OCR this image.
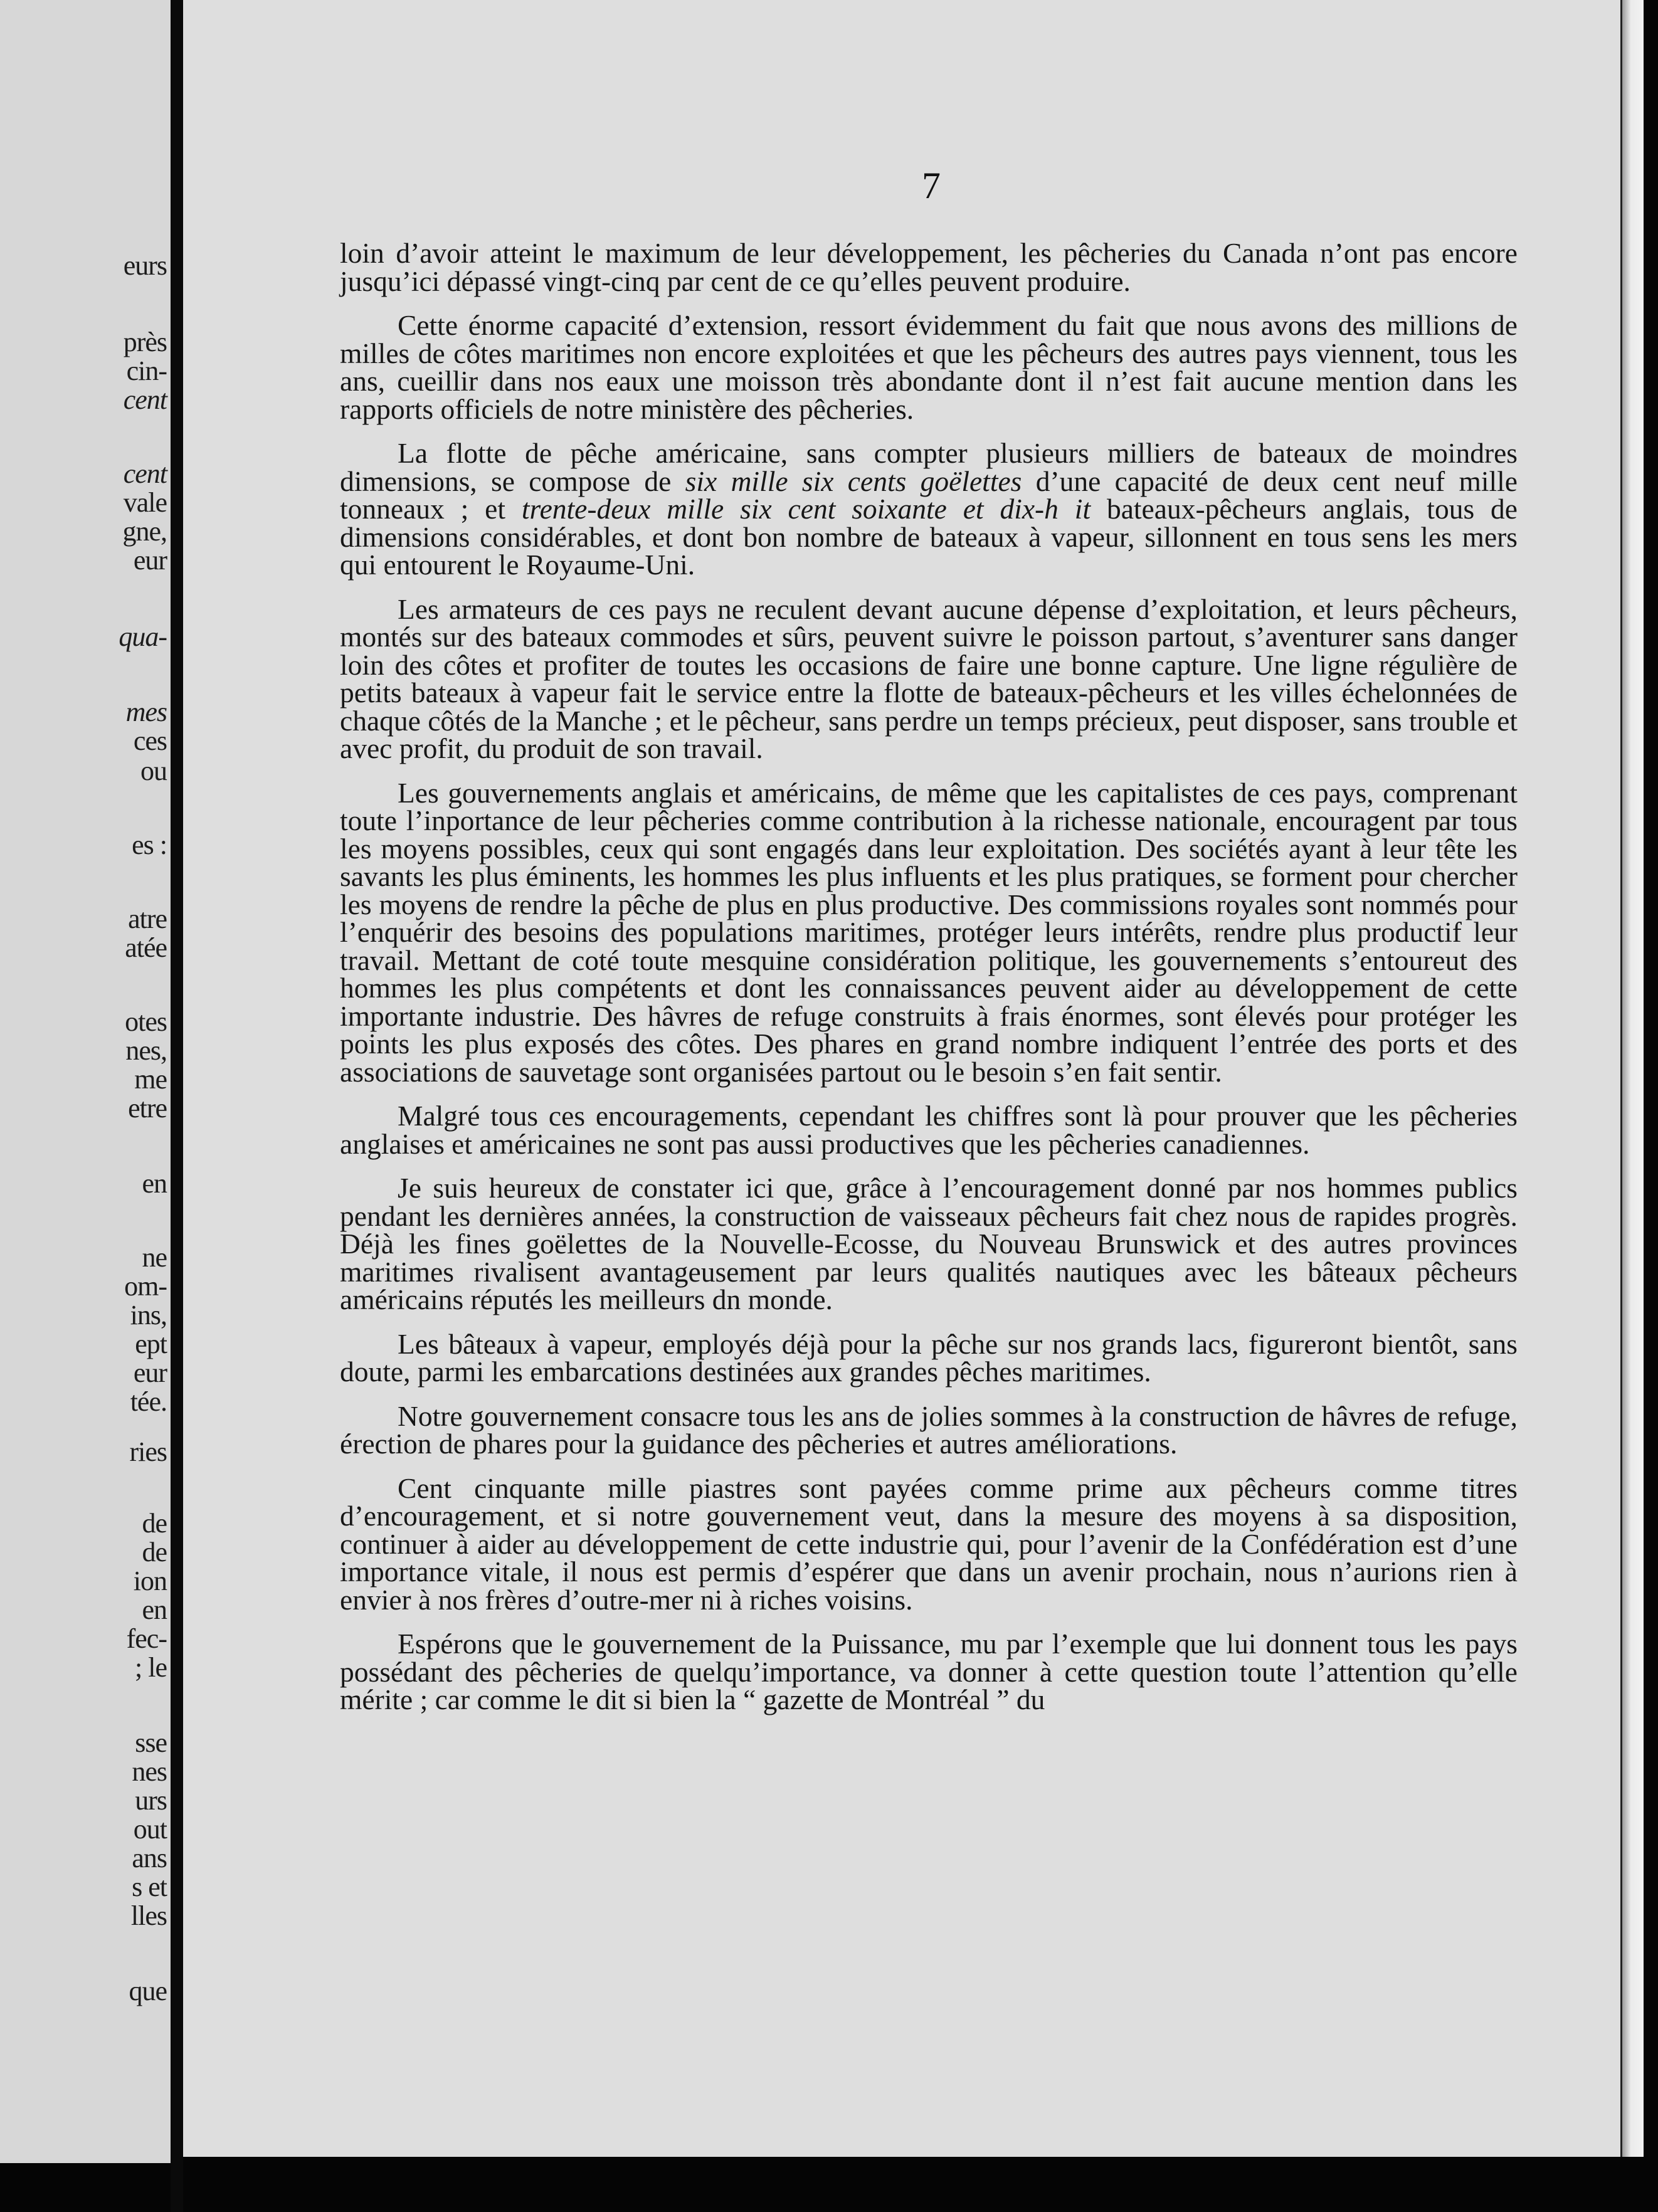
eurs
près
cin-
cent
cent
vale
gne,
eur
qua-
mes
ces
ou
es :
atre
atée
otes
nes,
me
etre
en
ne
om-
ins,
ept
eur
tée.
ries
de
de
ion
en
fec-
; le
sse
nes
urs
out
ans
s et
lles
que
7

loin d’avoir atteint le maximum de leur développement, les pêcheries du Canada n’ont pas encore jusqu’ici dépassé vingt-cinq par cent de ce qu’elles peuvent produire.

Cette énorme capacité d’extension, ressort évidemment du fait que nous avons des millions de milles de côtes maritimes non encore exploitées et que les pêcheurs des autres pays viennent, tous les ans, cueillir dans nos eaux une moisson très abondante dont il n’est fait aucune mention dans les rapports officiels de notre ministère des pêcheries.

La flotte de pêche américaine, sans compter plusieurs milliers de bateaux de moindres dimensions, se compose de six mille six cents goëlettes d’une capacité de deux cent neuf mille tonneaux ; et trente-deux mille six cent soixante et dix-h it bateaux-pêcheurs anglais, tous de dimensions considérables, et dont bon nombre de bateaux à vapeur, sillonnent en tous sens les mers qui entourent le Royaume-Uni.

Les armateurs de ces pays ne reculent devant aucune dépense d’exploitation, et leurs pêcheurs, montés sur des bateaux commodes et sûrs, peuvent suivre le poisson partout, s’aventurer sans danger loin des côtes et profiter de toutes les occasions de faire une bonne capture. Une ligne régulière de petits bateaux à vapeur fait le service entre la flotte de bateaux-pêcheurs et les villes échelonnées de chaque côtés de la Manche ; et le pêcheur, sans perdre un temps précieux, peut disposer, sans trouble et avec profit, du produit de son travail.

Les gouvernements anglais et américains, de même que les capitalistes de ces pays, comprenant toute l’inportance de leur pêcheries comme contribution à la richesse nationale, encouragent par tous les moyens possibles, ceux qui sont engagés dans leur exploitation. Des sociétés ayant à leur tête les savants les plus éminents, les hommes les plus influents et les plus pratiques, se forment pour chercher les moyens de rendre la pêche de plus en plus productive. Des commissions royales sont nommés pour l’enquérir des besoins des populations maritimes, protéger leurs intérêts, rendre plus productif leur travail. Mettant de coté toute mesquine considération politique, les gouvernements s’entoureut des hommes les plus compétents et dont les connaissances peuvent aider au développement de cette importante industrie. Des hâvres de refuge construits à frais énormes, sont élevés pour protéger les points les plus exposés des côtes. Des phares en grand nombre indiquent l’entrée des ports et des associations de sauvetage sont organisées partout ou le besoin s’en fait sentir.

Malgré tous ces encouragements, cependant les chiffres sont là pour prouver que les pêcheries anglaises et américaines ne sont pas aussi productives que les pêcheries canadiennes.

Je suis heureux de constater ici que, grâce à l’encouragement donné par nos hommes publics pendant les dernières années, la construction de vaisseaux pêcheurs fait chez nous de rapides progrès. Déjà les fines goëlettes de la Nouvelle-Ecosse, du Nouveau Brunswick et des autres provinces maritimes rivalisent avantageusement par leurs qualités nautiques avec les bâteaux pêcheurs américains réputés les meilleurs dn monde.

Les bâteaux à vapeur, employés déjà pour la pêche sur nos grands lacs, figureront bientôt, sans doute, parmi les embarcations destinées aux grandes pêches maritimes.

Notre gouvernement consacre tous les ans de jolies sommes à la construction de hâvres de refuge, érection de phares pour la guidance des pêcheries et autres améliorations.

Cent cinquante mille piastres sont payées comme prime aux pêcheurs comme titres d’encouragement, et si notre gouvernement veut, dans la mesure des moyens à sa disposition, continuer à aider au développement de cette industrie qui, pour l’avenir de la Confédération est d’une importance vitale, il nous est permis d’espérer que dans un avenir prochain, nous n’aurions rien à envier à nos frères d’outre-mer ni à riches voisins.

Espérons que le gouvernement de la Puissance, mu par l’exemple que lui donnent tous les pays possédant des pêcheries de quelqu’importance, va donner à cette question toute l’attention qu’elle mérite ; car comme le dit si bien la “ gazette de Montréal ” du
